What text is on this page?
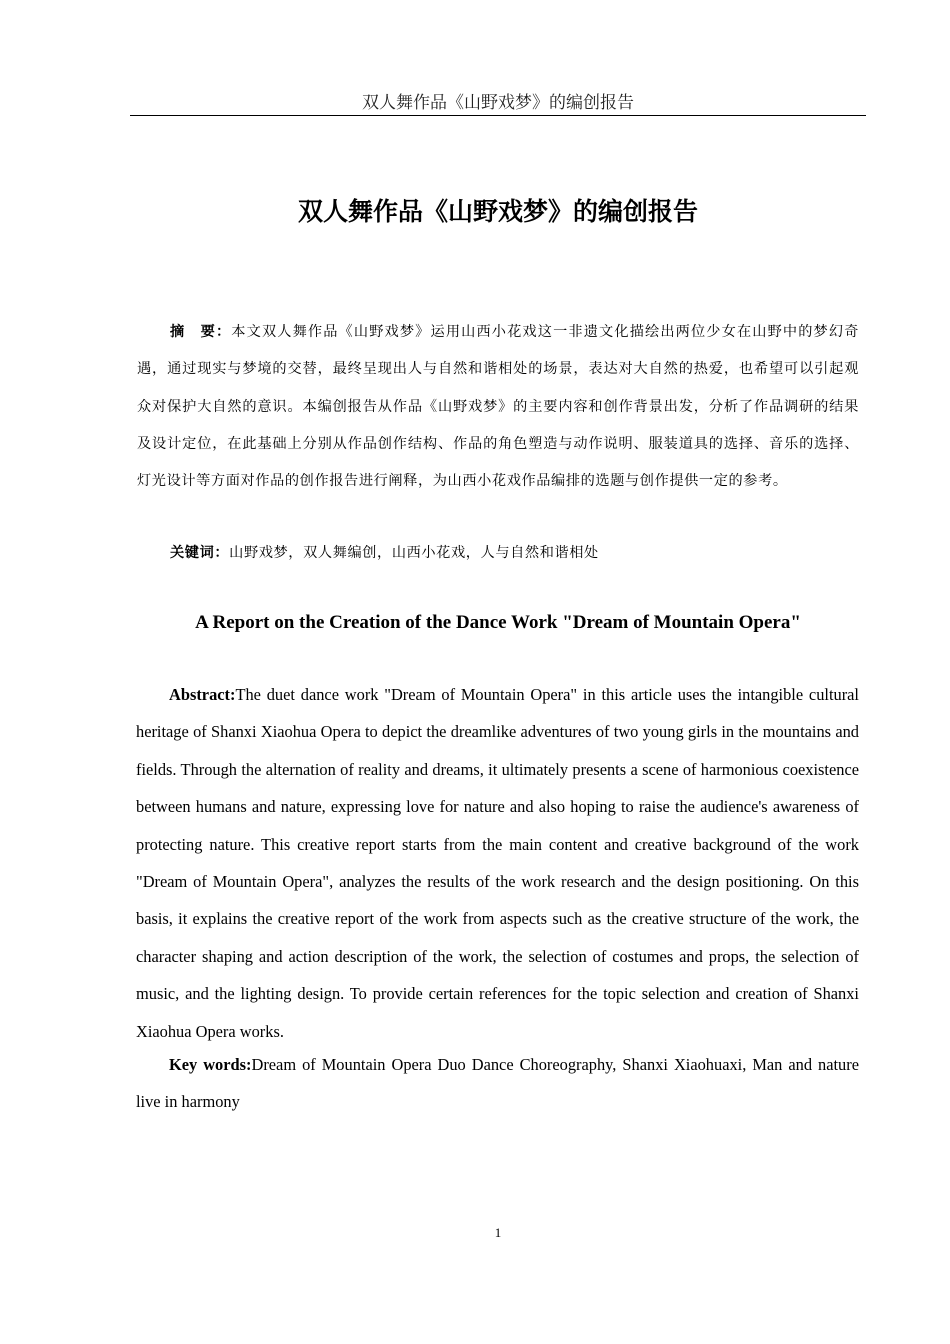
双人舞作品《山野戏梦》的编创报告
双人舞作品《山野戏梦》的编创报告

摘　要：本文双人舞作品《山野戏梦》运用山西小花戏这一非遗文化描绘出两位少女在山野中的梦幻奇遇，通过现实与梦境的交替，最终呈现出人与自然和谐相处的场景，表达对大自然的热爱，也希望可以引起观众对保护大自然的意识。本编创报告从作品《山野戏梦》的主要内容和创作背景出发，分析了作品调研的结果及设计定位，在此基础上分别从作品创作结构、作品的角色塑造与动作说明、服装道具的选择、音乐的选择、灯光设计等方面对作品的创作报告进行阐释，为山西小花戏作品编排的选题与创作提供一定的参考。

关键词：山野戏梦，双人舞编创，山西小花戏，人与自然和谐相处

A Report on the Creation of the Dance Work "Dream of Mountain Opera"

Abstract:The duet dance work "Dream of Mountain Opera" in this article uses the intangible cultural heritage of Shanxi Xiaohua Opera to depict the dreamlike adventures of two young girls in the mountains and fields. Through the alternation of reality and dreams, it ultimately presents a scene of harmonious coexistence between humans and nature, expressing love for nature and also hoping to raise the audience's awareness of protecting nature. This creative report starts from the main content and creative background of the work "Dream of Mountain Opera", analyzes the results of the work research and the design positioning. On this basis, it explains the creative report of the work from aspects such as the creative structure of the work, the character shaping and action description of the work, the selection of costumes and props, the selection of music, and the lighting design. To provide certain references for the topic selection and creation of Shanxi Xiaohua Opera works.

Key words:Dream of Mountain Opera Duo Dance Choreography, Shanxi Xiaohuaxi, Man and nature live in harmony

1
